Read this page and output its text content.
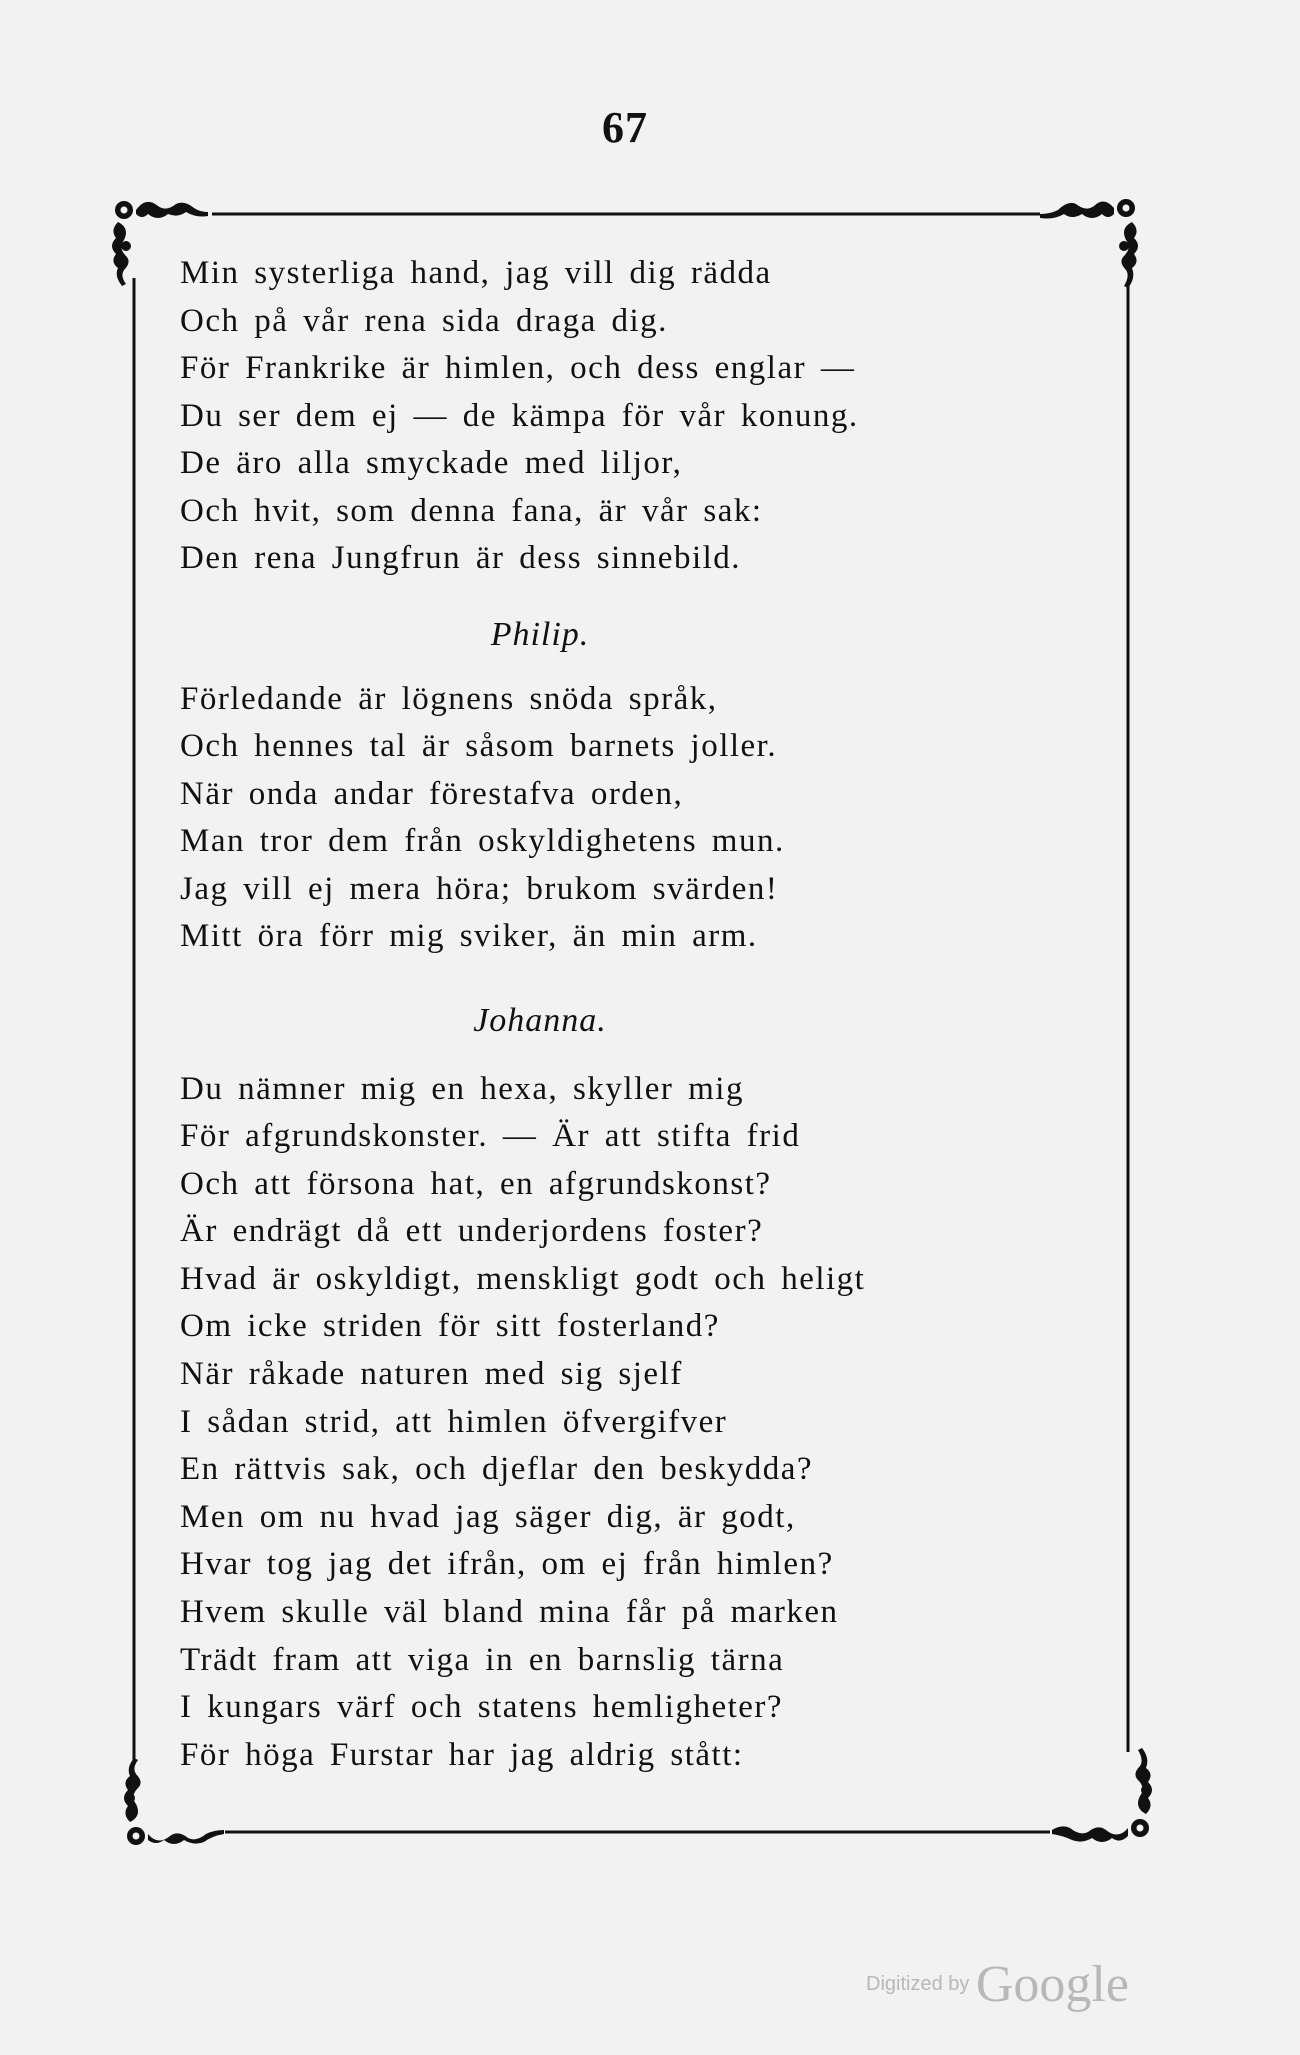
67
Min systerliga hand, jag vill dig rädda
Och på vår rena sida draga dig.
För Frankrike är himlen, och dess englar —
Du ser dem ej — de kämpa för vår konung.
De äro alla smyckade med liljor,
Och hvit, som denna fana, är vår sak:
Den rena Jungfrun är dess sinnebild.
Philip.
Förledande är lögnens snöda språk,
Och hennes tal är såsom barnets joller.
När onda andar förestafva orden,
Man tror dem från oskyldighetens mun.
Jag vill ej mera höra; brukom svärden!
Mitt öra förr mig sviker, än min arm.
Johanna.
Du nämner mig en hexa, skyller mig
För afgrundskonster. — Är att stifta frid
Och att försona hat, en afgrundskonst?
Är endrägt då ett underjordens foster?
Hvad är oskyldigt, menskligt godt och heligt
Om icke striden för sitt fosterland?
När råkade naturen med sig sjelf
I sådan strid, att himlen öfvergifver
En rättvis sak, och djeflar den beskydda?
Men om nu hvad jag säger dig, är godt,
Hvar tog jag det ifrån, om ej från himlen?
Hvem skulle väl bland mina får på marken
Trädt fram att viga in en barnslig tärna
I kungars värf och statens hemligheter?
För höga Furstar har jag aldrig stått:
Digitized by Google
